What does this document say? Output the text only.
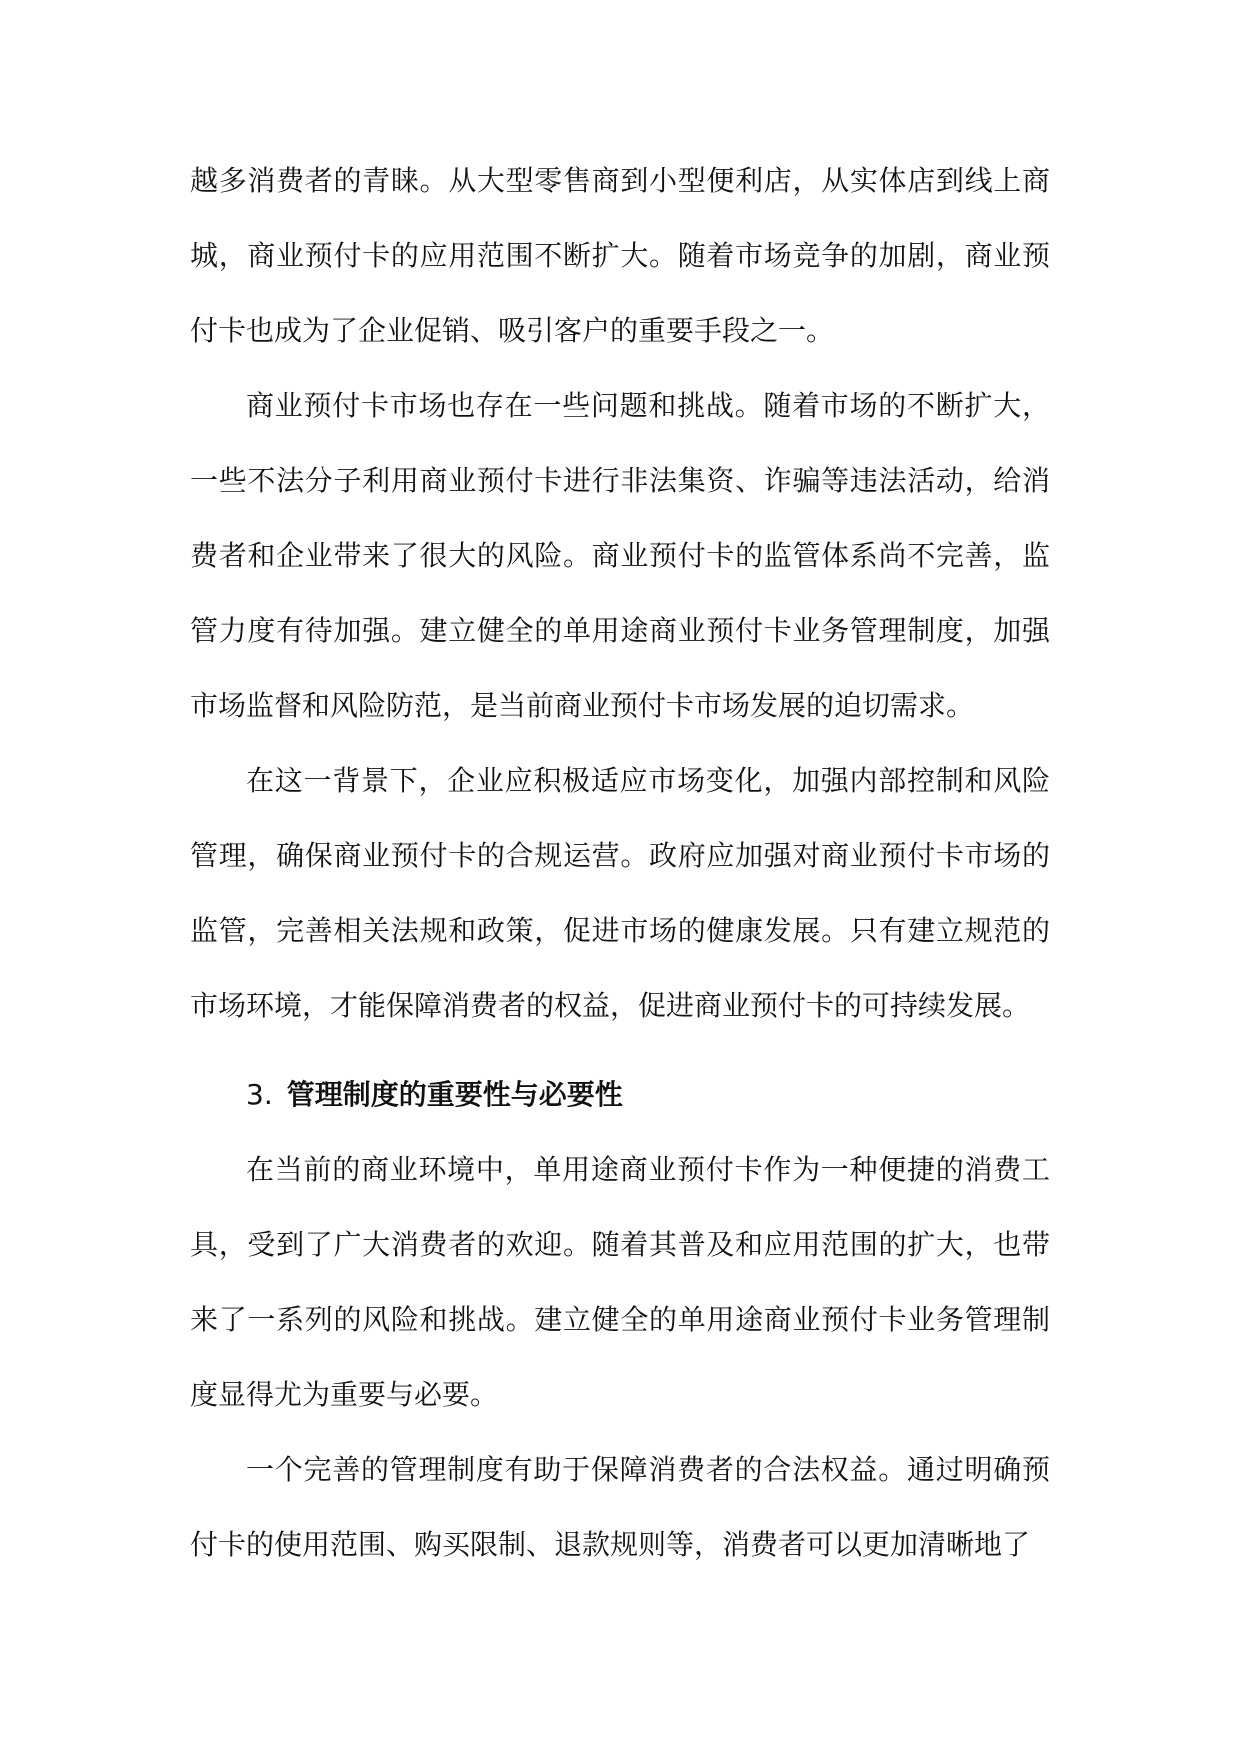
越多消费者的青睐。从大型零售商到小型便利店，从实体店到线上商城，商业预付卡的应用范围不断扩大。随着市场竞争的加剧，商业预付卡也成为了企业促销、吸引客户的重要手段之一。

商业预付卡市场也存在一些问题和挑战。随着市场的不断扩大，一些不法分子利用商业预付卡进行非法集资、诈骗等违法活动，给消费者和企业带来了很大的风险。商业预付卡的监管体系尚不完善，监管力度有待加强。建立健全的单用途商业预付卡业务管理制度，加强市场监督和风险防范，是当前商业预付卡市场发展的迫切需求。

在这一背景下，企业应积极适应市场变化，加强内部控制和风险管理，确保商业预付卡的合规运营。政府应加强对商业预付卡市场的监管，完善相关法规和政策，促进市场的健康发展。只有建立规范的市场环境，才能保障消费者的权益，促进商业预付卡的可持续发展。

3. 管理制度的重要性与必要性

在当前的商业环境中，单用途商业预付卡作为一种便捷的消费工具，受到了广大消费者的欢迎。随着其普及和应用范围的扩大，也带来了一系列的风险和挑战。建立健全的单用途商业预付卡业务管理制度显得尤为重要与必要。

一个完善的管理制度有助于保障消费者的合法权益。通过明确预付卡的使用范围、购买限制、退款规则等，消费者可以更加清晰地了
